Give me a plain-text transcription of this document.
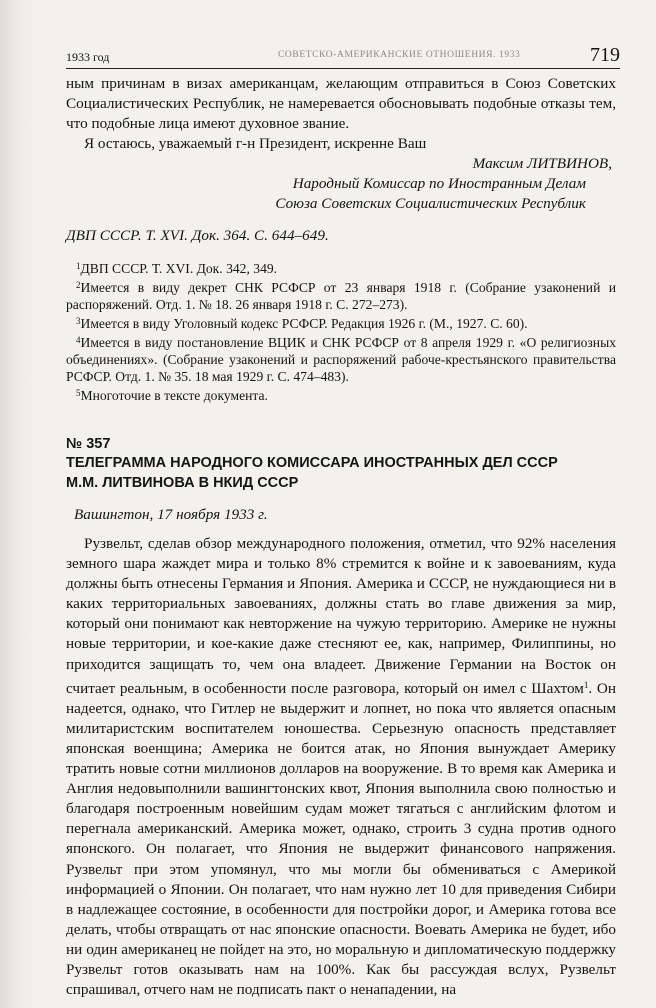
1933 год	СОВЕТСКО-АМЕРИКАНСКИЕ ОТНОШЕНИЯ. 1933	719

ным причинам в визах американцам, желающим отправиться в Союз Советских Социалистических Республик, не намеревается обосновывать подобные отказы тем, что подобные лица имеют духовное звание.

Я остаюсь, уважаемый г-н Президент, искренне Ваш

Максим ЛИТВИНОВ,

Народный Комиссар по Иностранным Делам

Союза Советских Социалистических Республик

ДВП СССР. Т. XVI. Док. 364. С. 644–649.

$^1$ДВП СССР. Т. XVI. Док. 342, 349.

$^2$Имеется в виду декрет СНК РСФСР от 23 января 1918 г. (Собрание узаконений и распоряжений. Отд. 1. № 18. 26 января 1918 г. С. 272–273).

$^3$Имеется в виду Уголовный кодекс РСФСР. Редакция 1926 г. (М., 1927. С. 60).

$^4$Имеется в виду постановление ВЦИК и СНК РСФСР от 8 апреля 1929 г. «О религиозных объединениях». (Собрание узаконений и распоряжений рабоче-крестьянского правительства РСФСР. Отд. 1. № 35. 18 мая 1929 г. С. 474–483).

$^5$Многоточие в тексте документа.

№ 357

ТЕЛЕГРАММА НАРОДНОГО КОМИССАРА ИНОСТРАННЫХ ДЕЛ СССР

М.М. ЛИТВИНОВА В НКИД СССР

Вашингтон, 17 ноября 1933 г.

Рузвельт, сделав обзор международного положения, отметил, что 92% населения земного шара жаждет мира и только 8% стремится к войне и к завоеваниям, куда должны быть отнесены Германия и Япония. Америка и СССР, не нуждающиеся ни в каких территориальных завоеваниях, должны стать во главе движения за мир, который они понимают как невторжение на чужую территорию. Америке не нужны новые территории, и кое-какие даже стесняют ее, как, например, Филиппины, но приходится защищать то, чем она владеет. Движение Германии на Восток он считает реальным, в особенности после разговора, который он имел с Шахтом$^1$. Он надеется, однако, что Гитлер не выдержит и лопнет, но пока что является опасным милитаристским воспитателем юношества. Серьезную опасность представляет японская военщина; Америка не боится атак, но Япония вынуждает Америку тратить новые сотни миллионов долларов на вооружение. В то время как Америка и Англия недовыполнили вашингтонских квот, Япония выполнила свою полностью и благодаря построенным новейшим судам может тягаться с английским флотом и перегнала американский. Америка может, однако, строить 3 судна против одного японского. Он полагает, что Япония не выдержит финансового напряжения. Рузвельт при этом упомянул, что мы могли бы обмениваться с Америкой информацией о Японии. Он полагает, что нам нужно лет 10 для приведения Сибири в надлежащее состояние, в особенности для постройки дорог, и Америка готова все делать, чтобы отвращать от нас японские опасности. Воевать Америка не будет, ибо ни один американец не пойдет на это, но моральную и дипломатическую поддержку Рузвельт готов оказывать нам на 100%. Как бы рассуждая вслух, Рузвельт спрашивал, отчего нам не подписать пакт о ненападении, на
